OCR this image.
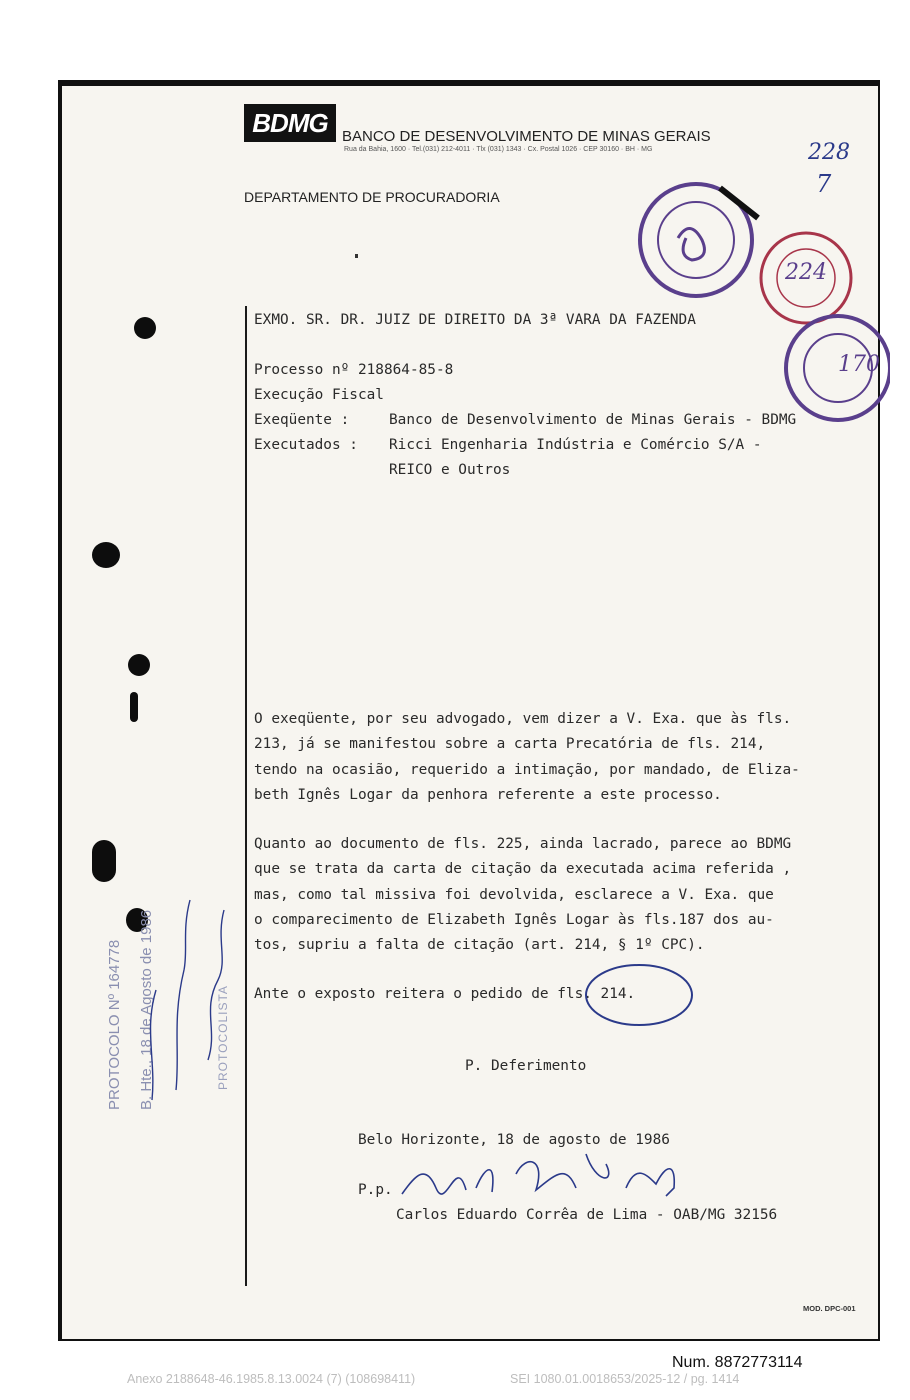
BDMG BANCO DE DESENVOLVIMENTO DE MINAS GERAIS
Rua da Bahia, 1600 · Tel.(031) 212-4011 · Tlx (031) 1343 · Cx. Postal 1026 · CEP 30160 · BH · MG
DEPARTAMENTO DE PROCURADORIA
228
7
224
170
EXMO. SR. DR. JUIZ DE DIREITO DA 3ª VARA DA FAZENDA
Processo nº 218864-85-8
Execução Fiscal
Exeqüente :	Banco de Desenvolvimento de Minas Gerais - BDMG
Executados : Ricci Engenharia Indústria e Comércio S/A -
REICO e Outros
O exeqüente, por seu advogado, vem dizer a V. Exa. que às fls.
213, já se manifestou sobre a carta Precatória de fls. 214,
tendo na ocasião, requerido a intimação, por mandado, de Eliza-
beth Ignês Logar da penhora referente a este processo.
Quanto ao documento de fls. 225, ainda lacrado, parece ao BDMG
que se trata da carta de citação da executada acima referida ,
mas, como tal missiva foi devolvida, esclarece a V. Exa. que
o comparecimento de Elizabeth Ignês Logar às fls.187 dos au-
tos, supriu a falta de citação (art. 214, § 1º CPC).
Ante o exposto reitera o pedido de fls. 214.
P. Deferimento
Belo Horizonte, 18 de agosto de 1986
P.p.
Carlos Eduardo Corrêa de Lima - OAB/MG 32156
PROTOCOLO Nº 164778 B. Hte., 18 de Agosto de 1986	PROTOCOLISTA
MOD. DPC-001
Num. 8872773114
Anexo 2188648-46.1985.8.13.0024 (7) (108698411)	SEI 1080.01.0018653/2025-12 / pg. 1414
